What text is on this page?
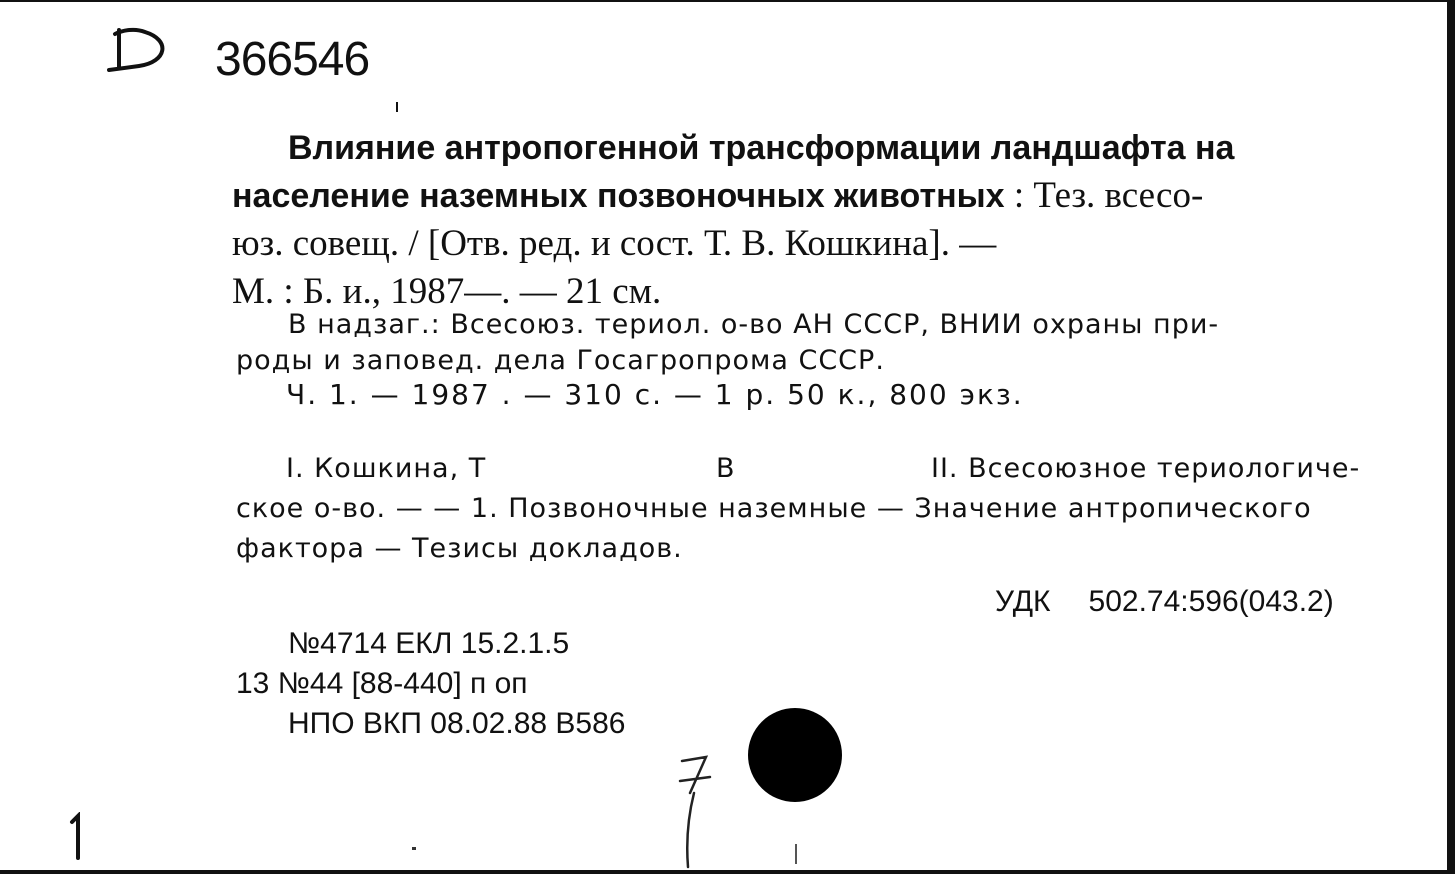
366546
Влияние антропогенной трансформации ландшафта на
население наземных позвоночных животных : Тез. всесо-
юз. совещ. / [Отв. ред. и сост. Т. В. Кошкина]. —
М. : Б. и., 1987—. — 21 см.
В надзаг.: Всесоюз. териол. о-во АН СССР, ВНИИ охраны при-
роды и заповед. дела Госагропрома СССР.
Ч. 1. — 1987 . — 310 с. — 1 р. 50 к., 800 экз.
I. Кошкина, Т	В	II. Всесоюзное териологиче-
ское о-во. — — 1. Позвоночные наземные — Значение антропического
фактора — Тезисы докладов.
УДК 502.74:596(043.2)
№4714 ЕКЛ 15.2.1.5
13 №44 [88-440] п оп
НПО ВКП 08.02.88 В586
